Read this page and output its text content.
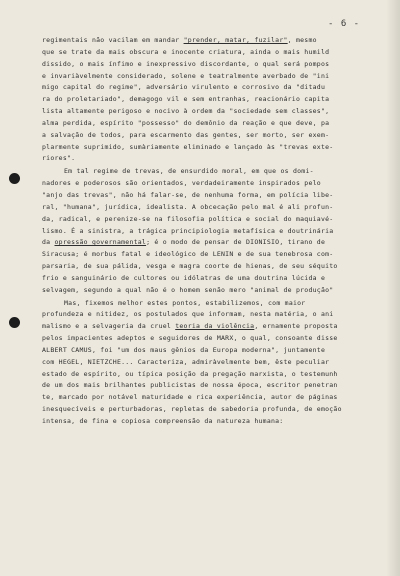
- 6 -
regimentais não vacilam em mandar "prender, matar, fuzilar", mesmo
que se trate da mais obscura e inocente criatura, ainda o mais humild
dissido, o mais ínfimo e inexpressivo discordante, o qual será pompos
e invariàvelmente considerado, solene e teatralmente averbado de "ini
migo capital do regime", adversário virulento e corrosivo da "ditadu
ra do proletariado", demagogo vil e sem entranhas, reacionário capita
lista altamente perigoso e nocivo à ordem da "sociedade sem classes",
alma perdida, espírito "possesso" do demônio da reação e que deve, pa
a salvação de todos, para escarmento das gentes, ser morto, ser exem-
plarmente suprimido, sumàriamente eliminado e lançado às "trevas exte-
riores".
Em tal regime de trevas, de ensurdido moral, em que os domi-
nadores e poderosos são orientados, verdadeiramente inspirados pelo
"anjo das trevas", não há falar-se, de nenhuma forma, em polícia libe-
ral, "humana", jurídica, idealista. A obcecação pelo mal é ali profun-
da, radical, e perenize-se na filosofia política e social do maquiavé-
lismo. É a sinistra, a trágica principiologia metafísica e doutrinária
da opressão governamental; é o modo de pensar de DIONISIO, tirano de
Siracusa; é morbus fatal e ideológico de LENIN e de sua tenebrosa com-
parsaria, de sua pálida, vesga e magra coorte de hienas, de seu séquito
frio e sanguinário de cultores ou idólatras de uma doutrina lúcida e
selvagem, segundo a qual não é o homem senão mero "animal de produção"
Mas, fixemos melhor estes pontos, estabilizemos, com maior
profundeza e nitidez, os postulados que informam, nesta matéria, o ani
malismo e a selvageria da cruel teoria da violência, ernamente proposta
pelos impacientes adeptos e seguidores de MARX, o qual, consoante disse
ALBERT CAMUS, foi "um dos maus gênios da Europa moderna", juntamente
com HEGEL, NIETZCHE... Caracteriza, admiràvelmente bem, êste peculiar
estado de espírito, ou típica posição da pregação marxista, o testemunh
de um dos mais brilhantes publicistas de nossa época, escritor penetran
te, marcado por notável maturidade e rica experiência, autor de páginas
inesquecíveis e perturbadoras, repletas de sabedoria profunda, de emoção
intensa, de fina e copiosa compreensão da natureza humana:
